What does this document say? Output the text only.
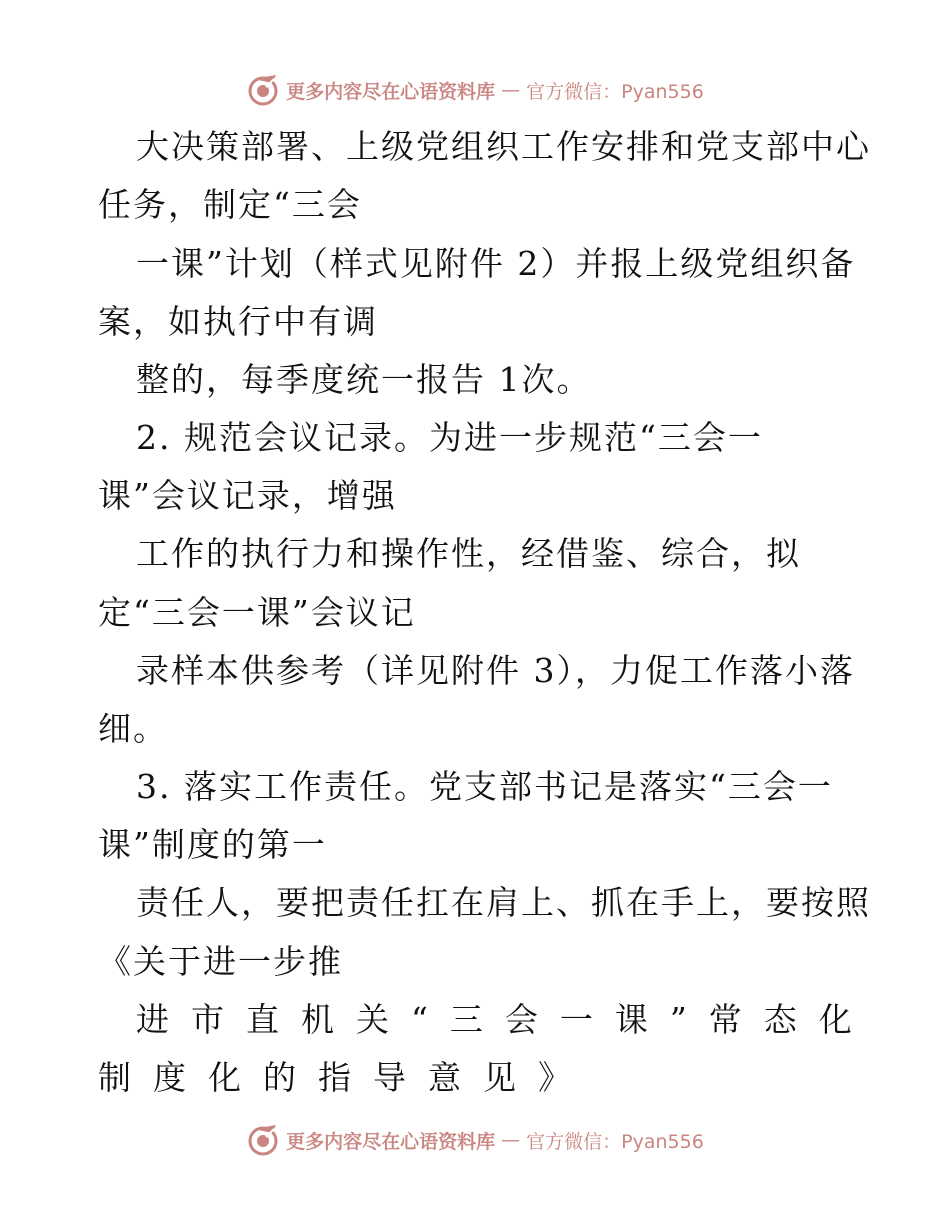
更多内容尽在心语资料库 — 官方微信：Pyan556
大决策部署、上级党组织工作安排和党支部中心
任务，制定“三会
一课”计划（样式见附件 2）并报上级党组织备
案，如执行中有调
整的，每季度统一报告 1次。
2. 规范会议记录。为进一步规范“三会一
课”会议记录，增强
工作的执行力和操作性，经借鉴、综合，拟
定“三会一课”会议记
录样本供参考（详见附件 3），力促工作落小落
细。
3. 落实工作责任。党支部书记是落实“三会一
课”制度的第一
责任人，要把责任扛在肩上、抓在手上，要按照
《关于进一步推
进市直机关“三会一课”常态化
制度化的指导意见》
更多内容尽在心语资料库 — 官方微信：Pyan556
